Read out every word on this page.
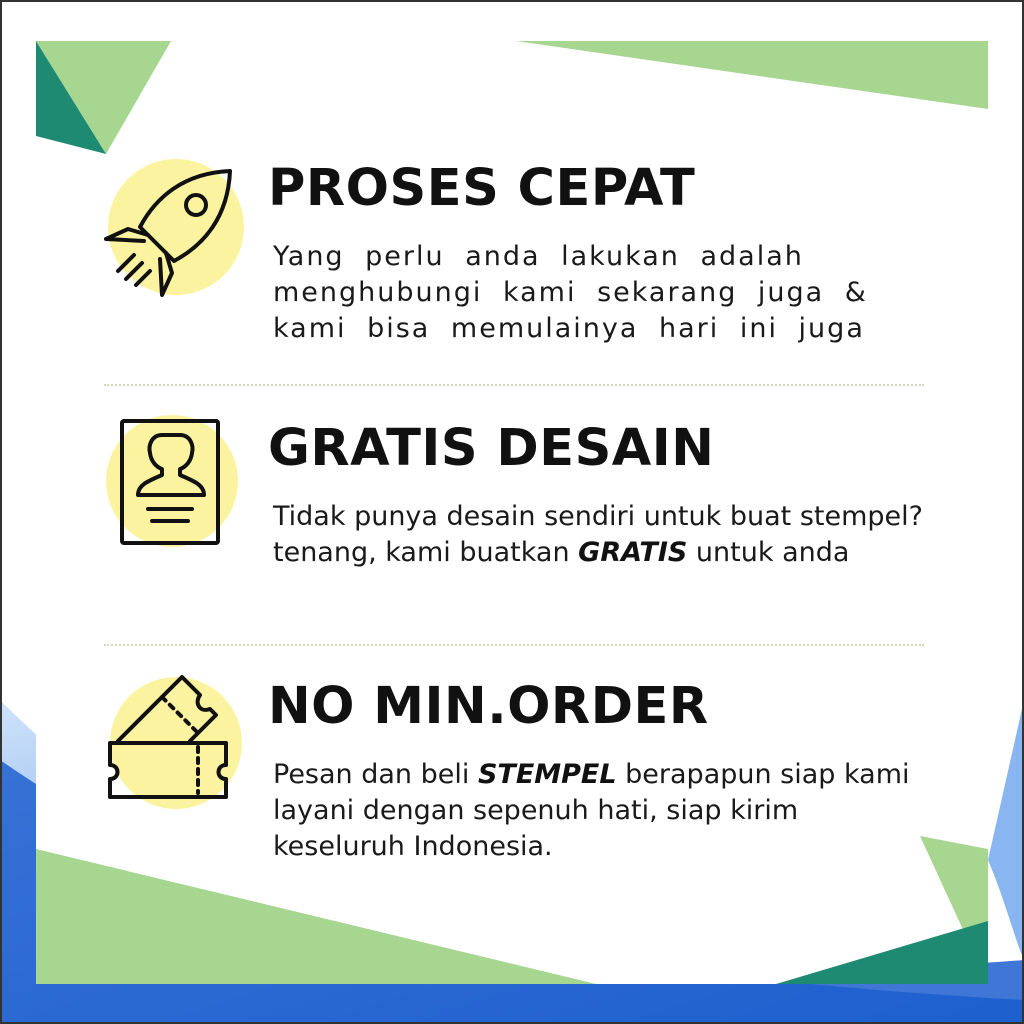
PROSES CEPAT
Yang perlu anda lakukan adalah menghubungi kami sekarang juga & kami bisa memulainya hari ini juga
GRATIS DESAIN
Tidak punya desain sendiri untuk buat stempel? tenang, kami buatkan GRATIS untuk anda
NO MIN.ORDER
Pesan dan beli STEMPEL berapapun siap kami layani dengan sepenuh hati, siap kirim keseluruh Indonesia.
